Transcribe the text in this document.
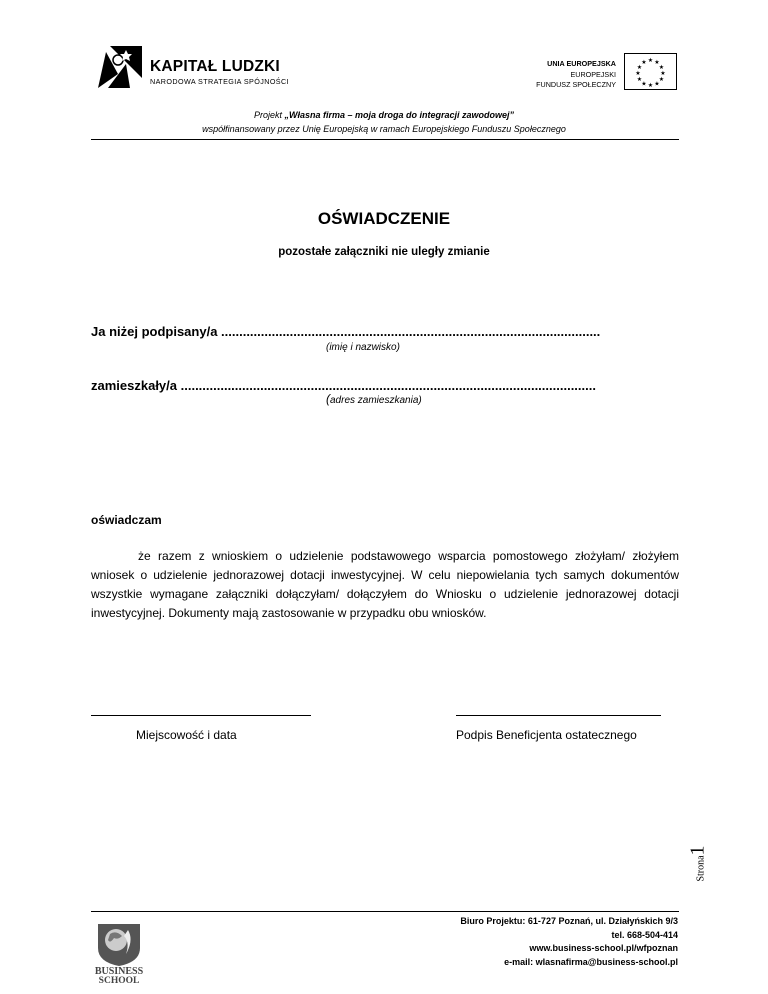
KAPITAŁ LUDZKI
NARODOWA STRATEGIA SPÓJNOŚCI
UNIA EUROPEJSKA
EUROPEJSKI
FUNDUSZ SPOŁECZNY
★ ★
★
★
★
★
★
★
★
★
★
★
Projekt „Własna firma – moja droga do integracji zawodowej”
współfinansowany przez Unię Europejską w ramach Europejskiego Funduszu Społecznego
OŚWIADCZENIE
pozostałe załączniki nie uległy zmianie
Ja niżej podpisany/a .........................................................................................................
(imię i nazwisko)
zamieszkały/a ...................................................................................................................
(adres zamieszkania)
oświadczam
że razem z wnioskiem o udzielenie podstawowego wsparcia pomostowego złożyłam/ złożyłem wniosek o udzielenie jednorazowej dotacji inwestycyjnej. W celu niepowielania tych samych dokumentów wszystkie wymagane załączniki dołączyłam/ dołączyłem do Wniosku o udzielenie jednorazowej dotacji inwestycyjnej. Dokumenty mają zastosowanie w przypadku obu wniosków.
Miejscowość i data	Podpis Beneficjenta ostatecznego
Strona1
BUSINESS
SCHOOL
Biuro Projektu: 61-727 Poznań, ul. Działyńskich 9/3
tel. 668-504-414
www.business-school.pl/wfpoznan
e-mail: wlasnafirma@business-school.pl
